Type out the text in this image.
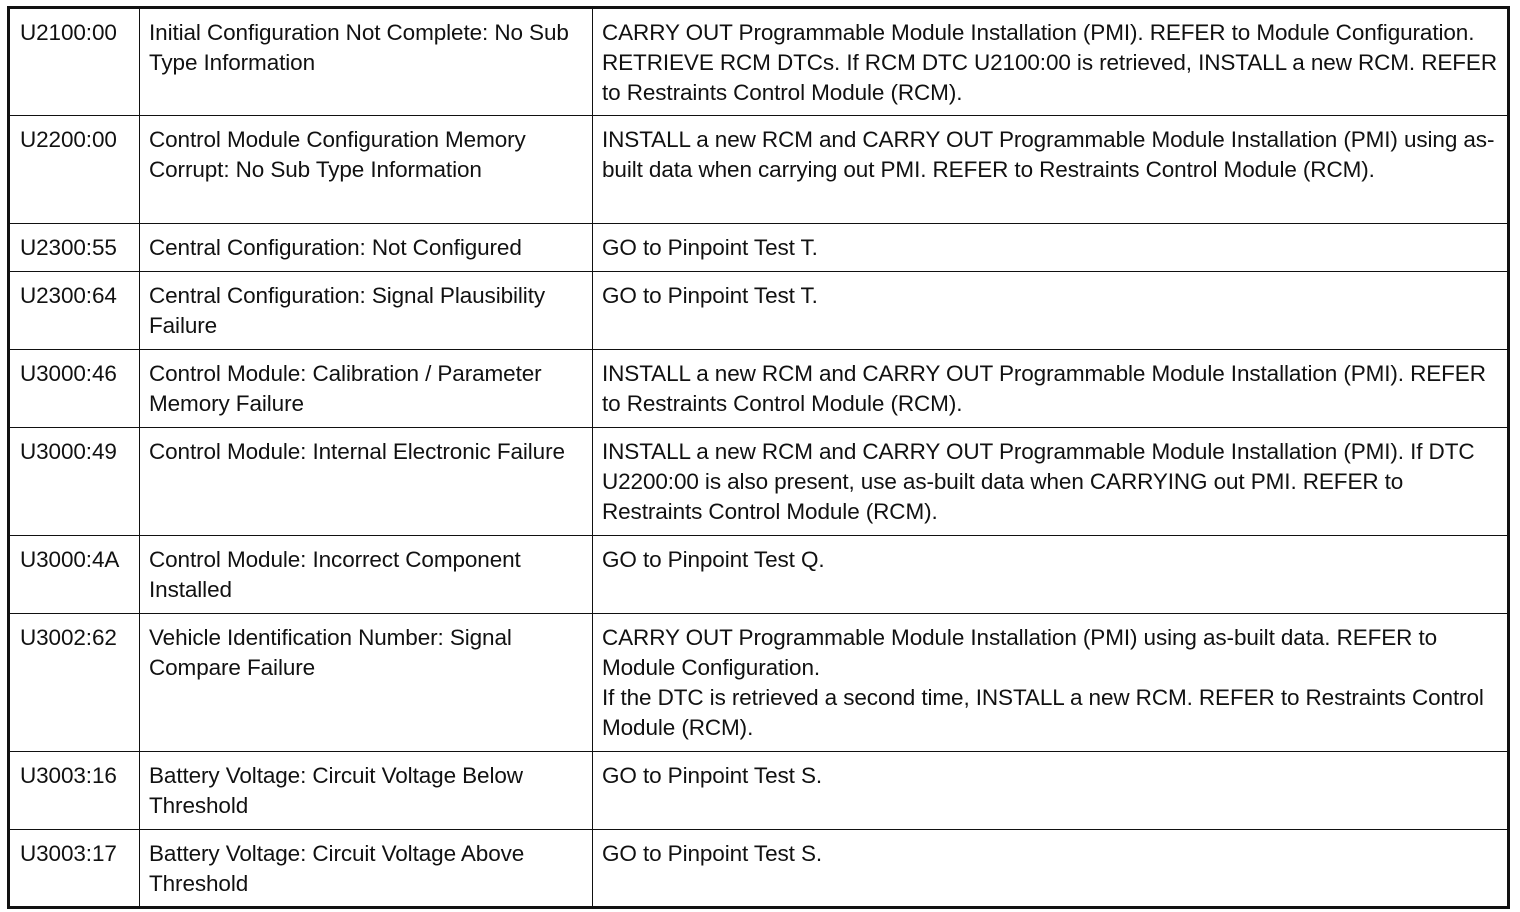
U2100:00	Initial Configuration Not Complete: No Sub Type Information	CARRY OUT Programmable Module Installation (PMI). REFER to Module Configuration. RETRIEVE RCM DTCs. If RCM DTC U2100:00 is retrieved, INSTALL a new RCM. REFER to Restraints Control Module (RCM).

U2200:00	Control Module Configuration Memory Corrupt: No Sub Type Information	INSTALL a new RCM and CARRY OUT Programmable Module Installation (PMI) using as-built data when carrying out PMI. REFER to Restraints Control Module (RCM).

U2300:55	Central Configuration: Not Configured	GO to Pinpoint Test T.

U2300:64	Central Configuration: Signal Plausibility Failure	GO to Pinpoint Test T.

U3000:46	Control Module: Calibration / Parameter Memory Failure	INSTALL a new RCM and CARRY OUT Programmable Module Installation (PMI). REFER to Restraints Control Module (RCM).

U3000:49	Control Module: Internal Electronic Failure	INSTALL a new RCM and CARRY OUT Programmable Module Installation (PMI). If DTC U2200:00 is also present, use as-built data when CARRYING out PMI. REFER to Restraints Control Module (RCM).

U3000:4A	Control Module: Incorrect Component Installed	GO to Pinpoint Test Q.

U3002:62	Vehicle Identification Number: Signal Compare Failure	CARRY OUT Programmable Module Installation (PMI) using as-built data. REFER to Module Configuration.
If the DTC is retrieved a second time, INSTALL a new RCM. REFER to Restraints Control Module (RCM).

U3003:16	Battery Voltage: Circuit Voltage Below Threshold	GO to Pinpoint Test S.

U3003:17	Battery Voltage: Circuit Voltage Above Threshold	GO to Pinpoint Test S.
